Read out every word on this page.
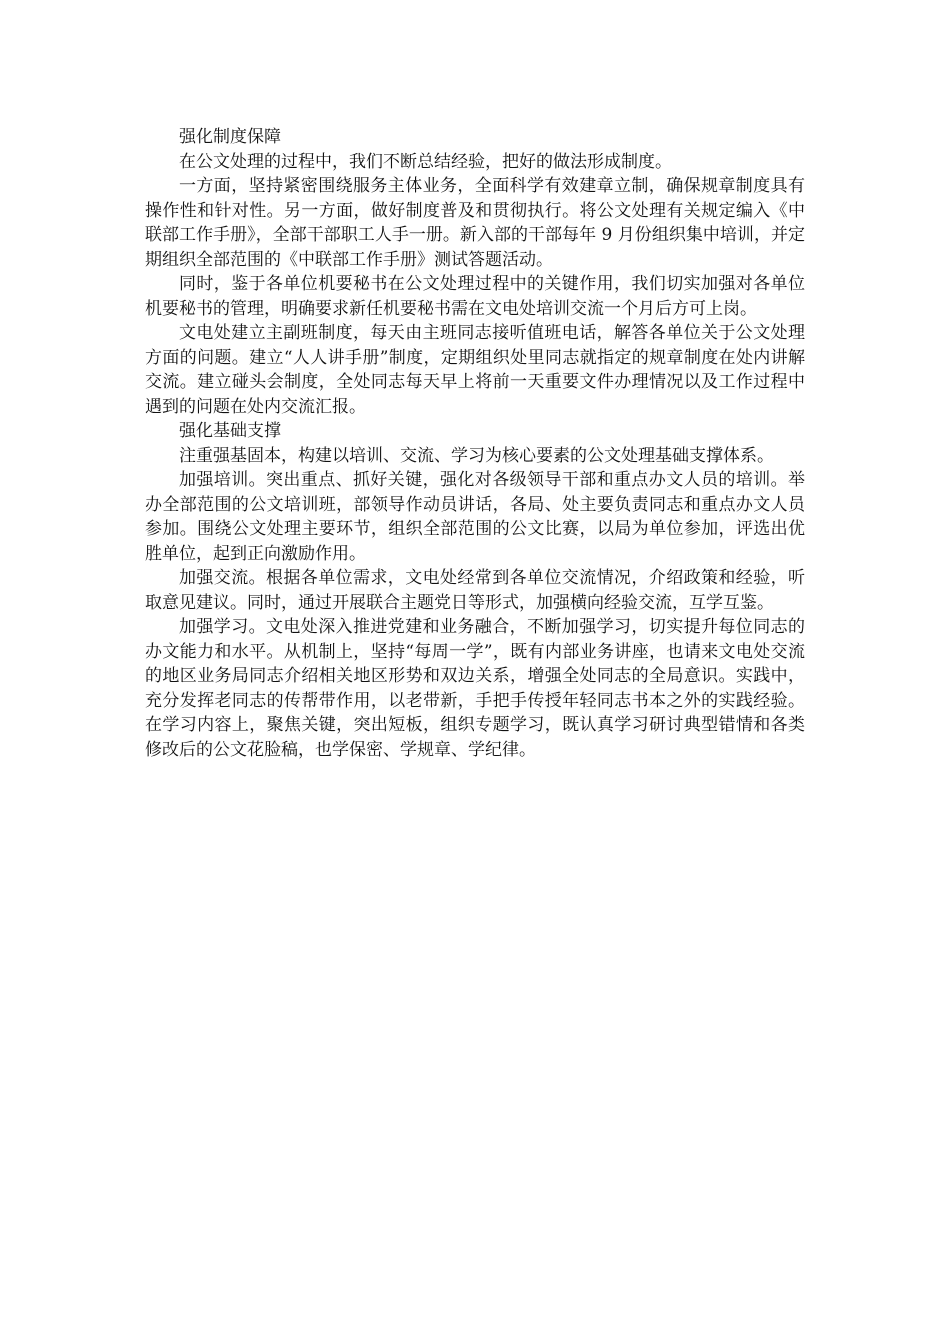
强化制度保障

在公文处理的过程中，我们不断总结经验，把好的做法形成制度。

一方面，坚持紧密围绕服务主体业务，全面科学有效建章立制，确保规章制度具有操作性和针对性。另一方面，做好制度普及和贯彻执行。将公文处理有关规定编入《中联部工作手册》，全部干部职工人手一册。新入部的干部每年 9 月份组织集中培训，并定期组织全部范围的《中联部工作手册》测试答题活动。

同时，鉴于各单位机要秘书在公文处理过程中的关键作用，我们切实加强对各单位机要秘书的管理，明确要求新任机要秘书需在文电处培训交流一个月后方可上岗。

文电处建立主副班制度，每天由主班同志接听值班电话，解答各单位关于公文处理方面的问题。建立“人人讲手册”制度，定期组织处里同志就指定的规章制度在处内讲解交流。建立碰头会制度，全处同志每天早上将前一天重要文件办理情况以及工作过程中遇到的问题在处内交流汇报。

强化基础支撑

注重强基固本，构建以培训、交流、学习为核心要素的公文处理基础支撑体系。

加强培训。突出重点、抓好关键，强化对各级领导干部和重点办文人员的培训。举办全部范围的公文培训班，部领导作动员讲话，各局、处主要负责同志和重点办文人员参加。围绕公文处理主要环节，组织全部范围的公文比赛，以局为单位参加，评选出优胜单位，起到正向激励作用。

加强交流。根据各单位需求，文电处经常到各单位交流情况，介绍政策和经验，听取意见建议。同时，通过开展联合主题党日等形式，加强横向经验交流，互学互鉴。

加强学习。文电处深入推进党建和业务融合，不断加强学习，切实提升每位同志的办文能力和水平。从机制上，坚持“每周一学”，既有内部业务讲座，也请来文电处交流的地区业务局同志介绍相关地区形势和双边关系，增强全处同志的全局意识。实践中，充分发挥老同志的传帮带作用，以老带新，手把手传授年轻同志书本之外的实践经验。在学习内容上，聚焦关键，突出短板，组织专题学习，既认真学习研讨典型错情和各类修改后的公文花脸稿，也学保密、学规章、学纪律。
